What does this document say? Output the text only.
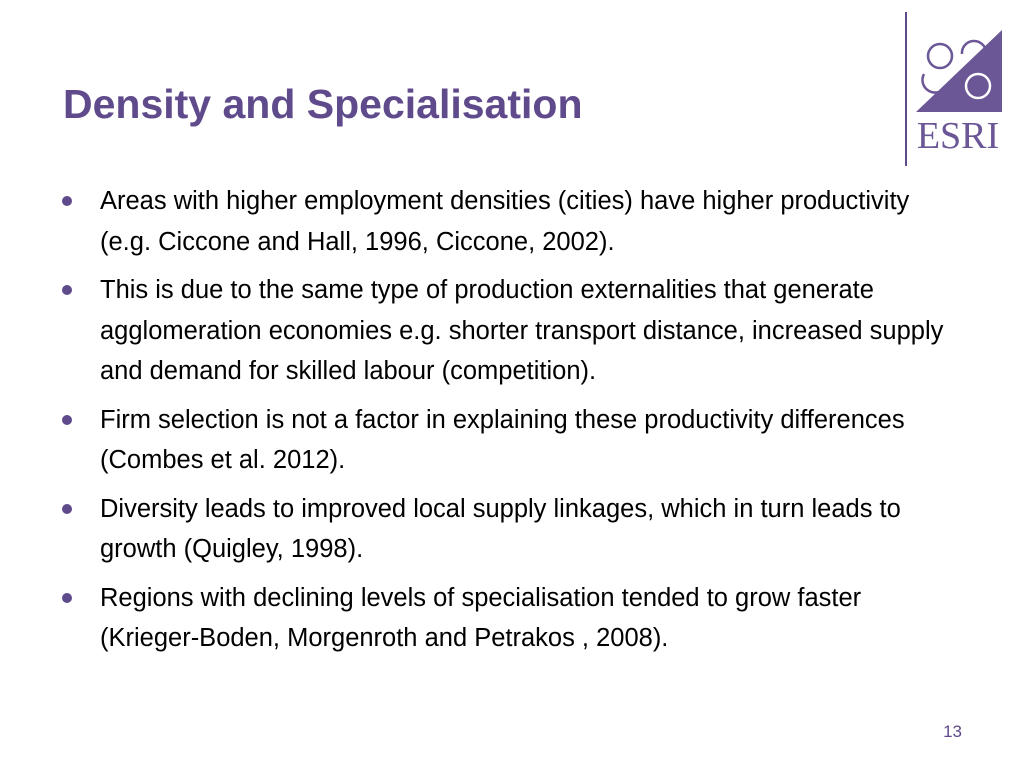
Density and Specialisation
ESRI
Areas with higher employment densities (cities) have higher productivity (e.g. Ciccone and Hall, 1996, Ciccone, 2002).
This is due to the same type of production externalities that generate agglomeration economies e.g. shorter transport distance, increased supply and demand for skilled labour (competition).
Firm selection is not a factor in explaining these productivity differences (Combes et al. 2012).
Diversity leads to improved local supply linkages, which in turn leads to growth (Quigley, 1998).
Regions with declining levels of specialisation tended to grow faster (Krieger-Boden, Morgenroth and Petrakos , 2008).
13
